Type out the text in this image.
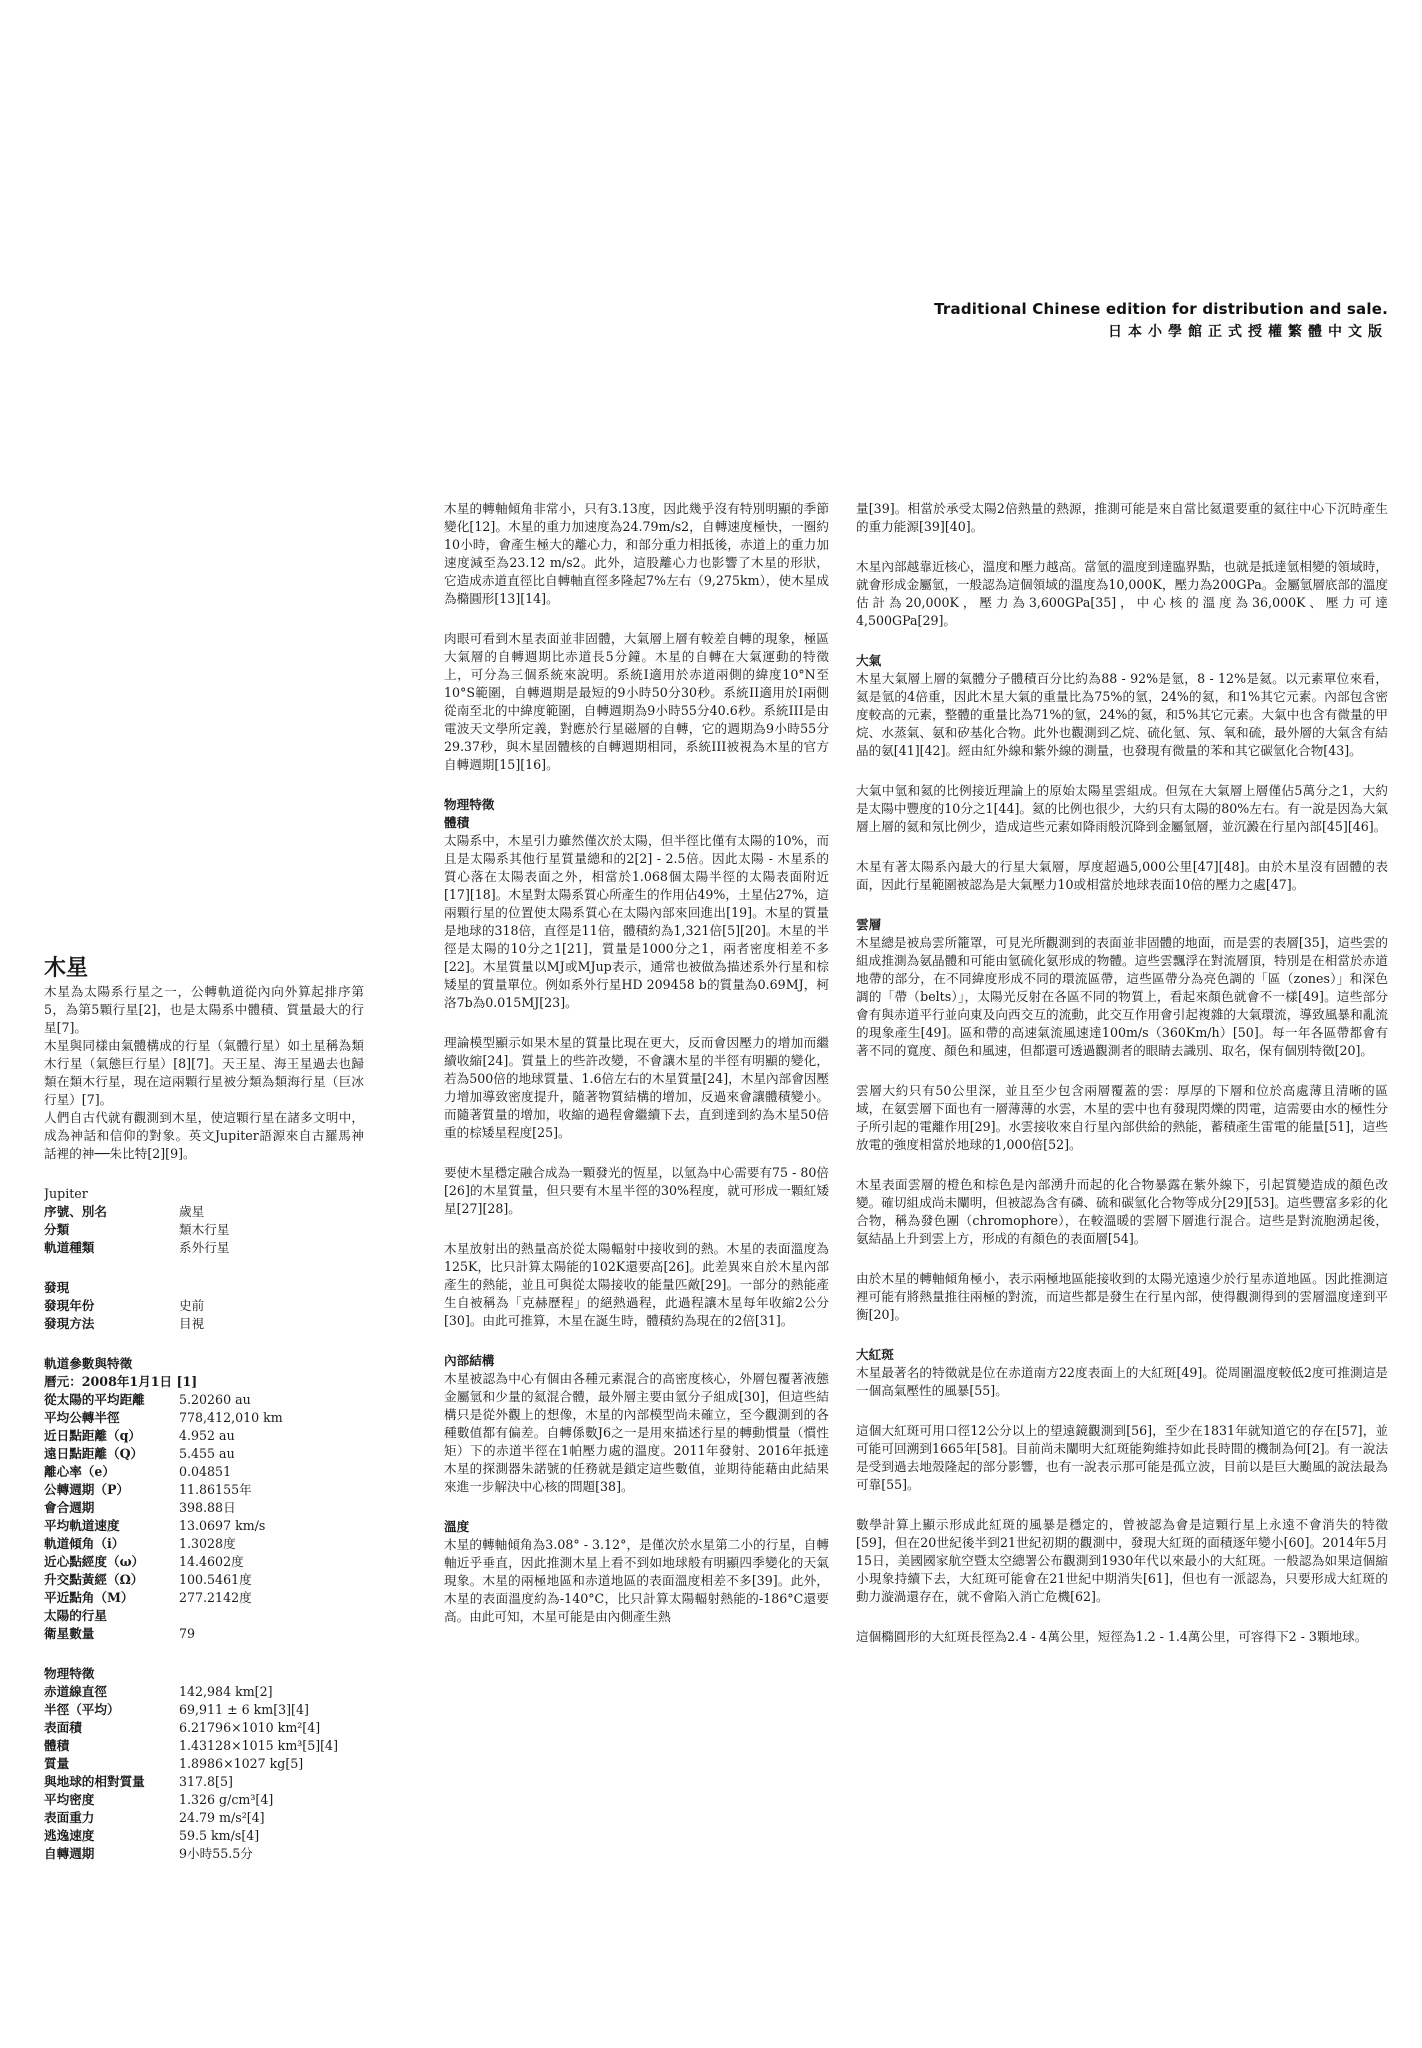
Traditional Chinese edition for distribution and sale.
日本小學館正式授權繁體中文版
木星

木星為太陽系行星之一，公轉軌道從內向外算起排序第5，為第5顆行星[2]，也是太陽系中體積、質量最大的行星[7]。

木星與同樣由氣體構成的行星（氣體行星）如土星稱為類木行星（氣態巨行星）[8][7]。天王星、海王星過去也歸類在類木行星，現在這兩顆行星被分類為類海行星（巨冰行星）[7]。

人們自古代就有觀測到木星，使這顆行星在諸多文明中，成為神話和信仰的對象。英文Jupiter語源來自古羅馬神話裡的神──朱比特[2][9]。

Jupiter
序號、別名	歲星
分類	類木行星
軌道種類	系外行星
發現
發現年份	史前
發現方法	目視
軌道參數與特徵
曆元：2008年1月1日 [1]
從太陽的平均距離	5.20260 au
平均公轉半徑	778,412,010 km
近日點距離（q）	4.952 au
遠日點距離（Q）	5.455 au
離心率（e）	0.04851
公轉週期（P）	11.86155年
會合週期	398.88日
平均軌道速度	13.0697 km/s
軌道傾角（i）	1.3028度
近心點經度（ω）	14.4602度
升交點黃經（Ω）	100.5461度
平近點角（M）	277.2142度
太陽的行星	
衛星數量	79
物理特徵
赤道線直徑	142,984 km[2]
半徑（平均）	69,911 ± 6 km[3][4]
表面積	6.21796×1010 km²[4]
體積	1.43128×1015 km³[5][4]
質量	1.8986×1027 kg[5]
與地球的相對質量	317.8[5]
平均密度	1.326 g/cm³[4]
表面重力	24.79 m/s²[4]
逃逸速度	59.5 km/s[4]
自轉週期	9小時55.5分

木星的轉軸傾角非常小，只有3.13度，因此幾乎沒有特別明顯的季節變化[12]。木星的重力加速度為24.79m/s2，自轉速度極快，一圈約10小時，會產生極大的離心力，和部分重力相抵後，赤道上的重力加速度減至為23.12 m/s2。此外，這股離心力也影響了木星的形狀，它造成赤道直徑比自轉軸直徑多隆起7%左右（9,275km），使木星成為橢圓形[13][14]。

肉眼可看到木星表面並非固體，大氣層上層有較差自轉的現象，極區大氣層的自轉週期比赤道長5分鐘。木星的自轉在大氣運動的特徵上，可分為三個系統來說明。系統I適用於赤道兩側的緯度10°N至10°S範圍，自轉週期是最短的9小時50分30秒。系統II適用於I兩側從南至北的中緯度範圍，自轉週期為9小時55分40.6秒。系統III是由電波天文學所定義，對應於行星磁層的自轉，它的週期為9小時55分29.37秒，與木星固體核的自轉週期相同，系統III被視為木星的官方自轉週期[15][16]。

物理特徵
體積

太陽系中，木星引力雖然僅次於太陽，但半徑比僅有太陽的10%，而且是太陽系其他行星質量總和的2[2] - 2.5倍。因此太陽 - 木星系的質心落在太陽表面之外，相當於1.068個太陽半徑的太陽表面附近[17][18]。木星對太陽系質心所產生的作用佔49%，土星佔27%，這兩顆行星的位置使太陽系質心在太陽內部來回進出[19]。木星的質量是地球的318倍，直徑是11倍，體積約為1,321倍[5][20]。木星的半徑是太陽的10分之1[21]，質量是1000分之1，兩者密度相差不多[22]。木星質量以MJ或MJup表示，通常也被做為描述系外行星和棕矮星的質量單位。例如系外行星HD 209458 b的質量為0.69MJ，柯洛7b為0.015MJ[23]。

理論模型顯示如果木星的質量比現在更大，反而會因壓力的增加而繼續收縮[24]。質量上的些許改變，不會讓木星的半徑有明顯的變化，若為500倍的地球質量、1.6倍左右的木星質量[24]，木星內部會因壓力增加導致密度提升，隨著物質結構的增加，反過來會讓體積變小。而隨著質量的增加，收縮的過程會繼續下去，直到達到約為木星50倍重的棕矮星程度[25]。

要使木星穩定融合成為一顆發光的恆星，以氫為中心需要有75 - 80倍[26]的木星質量，但只要有木星半徑的30%程度，就可形成一顆紅矮星[27][28]。

木星放射出的熱量高於從太陽輻射中接收到的熱。木星的表面溫度為125K，比只計算太陽能的102K還要高[26]。此差異來自於木星內部產生的熱能，並且可與從太陽接收的能量匹敵[29]。一部分的熱能產生自被稱為「克赫歷程」的絕熱過程，此過程讓木星每年收縮2公分[30]。由此可推算，木星在誕生時，體積約為現在的2倍[31]。

內部結構

木星被認為中心有個由各種元素混合的高密度核心，外層包覆著液態金屬氫和少量的氦混合體，最外層主要由氫分子組成[30]，但這些結構只是從外觀上的想像，木星的內部模型尚未確立，至今觀測到的各種數值都有偏差。自轉係數J6之一是用來描述行星的轉動慣量（慣性矩）下的赤道半徑在1帕壓力處的溫度。2011年發射、2016年抵達木星的探測器朱諾號的任務就是鎖定這些數值，並期待能藉由此結果來進一步解決中心核的問題[38]。

溫度

木星的轉軸傾角為3.08° - 3.12°，是僅次於水星第二小的行星，自轉軸近乎垂直，因此推測木星上看不到如地球般有明顯四季變化的天氣現象。木星的兩極地區和赤道地區的表面溫度相差不多[39]。此外，木星的表面溫度約為-140°C，比只計算太陽輻射熱能的-186°C還要高。由此可知，木星可能是由內側產生熱

量[39]。相當於承受太陽2倍熱量的熱源，推測可能是來自當比氦還要重的氦往中心下沉時產生的重力能源[39][40]。

木星內部越靠近核心，溫度和壓力越高。當氫的溫度到達臨界點，也就是抵達氫相變的領域時，就會形成金屬氫，一般認為這個領域的溫度為10,000K，壓力為200GPa。金屬氫層底部的溫度估計為20,000K，壓力為3,600GPa[35]，中心核的溫度為36,000K、壓力可達4,500GPa[29]。

大氣

木星大氣層上層的氣體分子體積百分比約為88 - 92%是氫，8 - 12%是氦。以元素單位來看，氦是氫的4倍重，因此木星大氣的重量比為75%的氫，24%的氦，和1%其它元素。內部包含密度較高的元素，整體的重量比為71%的氫，24%的氦，和5%其它元素。大氣中也含有微量的甲烷、水蒸氣、氨和矽基化合物。此外也觀測到乙烷、硫化氫、氖、氧和硫，最外層的大氣含有結晶的氨[41][42]。經由紅外線和紫外線的測量，也發現有微量的苯和其它碳氫化合物[43]。

大氣中氫和氦的比例接近理論上的原始太陽星雲組成。但氖在大氣層上層僅佔5萬分之1，大約是太陽中豐度的10分之1[44]。氦的比例也很少，大約只有太陽的80%左右。有一說是因為大氣層上層的氦和氖比例少，造成這些元素如降雨般沉降到金屬氫層，並沉澱在行星內部[45][46]。

木星有著太陽系內最大的行星大氣層，厚度超過5,000公里[47][48]。由於木星沒有固體的表面，因此行星範圍被認為是大氣壓力10或相當於地球表面10倍的壓力之處[47]。

雲層

木星總是被烏雲所籠罩，可見光所觀測到的表面並非固體的地面，而是雲的表層[35]，這些雲的組成推測為氨晶體和可能由氫硫化氨形成的物體。這些雲飄浮在對流層頂，特別是在相當於赤道地帶的部分，在不同緯度形成不同的環流區帶，這些區帶分為亮色調的「區（zones）」和深色調的「帶（belts）」，太陽光反射在各區不同的物質上，看起來顏色就會不一樣[49]。這些部分會有與赤道平行並向東及向西交互的流動，此交互作用會引起複雜的大氣環流，導致風暴和亂流的現象產生[49]。區和帶的高速氣流風速達100m/s（360Km/h）[50]。每一年各區帶都會有著不同的寬度、顏色和風速，但都還可透過觀測者的眼睛去識別、取名，保有個別特徵[20]。

雲層大約只有50公里深，並且至少包含兩層覆蓋的雲：厚厚的下層和位於高處薄且清晰的區域，在氨雲層下面也有一層薄薄的水雲，木星的雲中也有發現閃爍的閃電，這需要由水的極性分子所引起的電離作用[29]。水雲接收來自行星內部供給的熱能，蓄積產生雷電的能量[51]，這些放電的強度相當於地球的1,000倍[52]。

木星表面雲層的橙色和棕色是內部湧升而起的化合物暴露在紫外線下，引起質變造成的顏色改變。確切組成尚未闡明，但被認為含有磷、硫和碳氫化合物等成分[29][53]。這些豐富多彩的化合物，稱為發色團（chromophore），在較溫暖的雲層下層進行混合。這些是對流胞湧起後，氨結晶上升到雲上方，形成的有顏色的表面層[54]。

由於木星的轉軸傾角極小，表示兩極地區能接收到的太陽光遠遠少於行星赤道地區。因此推測這裡可能有將熱量推往兩極的對流，而這些都是發生在行星內部，使得觀測得到的雲層溫度達到平衡[20]。

大紅斑

木星最著名的特徵就是位在赤道南方22度表面上的大紅斑[49]。從周圍溫度較低2度可推測這是一個高氣壓性的風暴[55]。

這個大紅斑可用口徑12公分以上的望遠鏡觀測到[56]，至少在1831年就知道它的存在[57]，並可能可回溯到1665年[58]。目前尚未闡明大紅斑能夠維持如此長時間的機制為何[2]。有一說法是受到過去地殼隆起的部分影響，也有一說表示那可能是孤立波，目前以是巨大颱風的說法最為可靠[55]。

數學計算上顯示形成此紅斑的風暴是穩定的，曾被認為會是這顆行星上永遠不會消失的特徵[59]，但在20世紀後半到21世紀初期的觀測中，發現大紅斑的面積逐年變小[60]。2014年5月15日，美國國家航空暨太空總署公布觀測到1930年代以來最小的大紅斑。一般認為如果這個縮小現象持續下去，大紅斑可能會在21世紀中期消失[61]，但也有一派認為，只要形成大紅斑的動力漩渦還存在，就不會陷入消亡危機[62]。

這個橢圓形的大紅斑長徑為2.4 - 4萬公里，短徑為1.2 - 1.4萬公里，可容得下2 - 3顆地球。
